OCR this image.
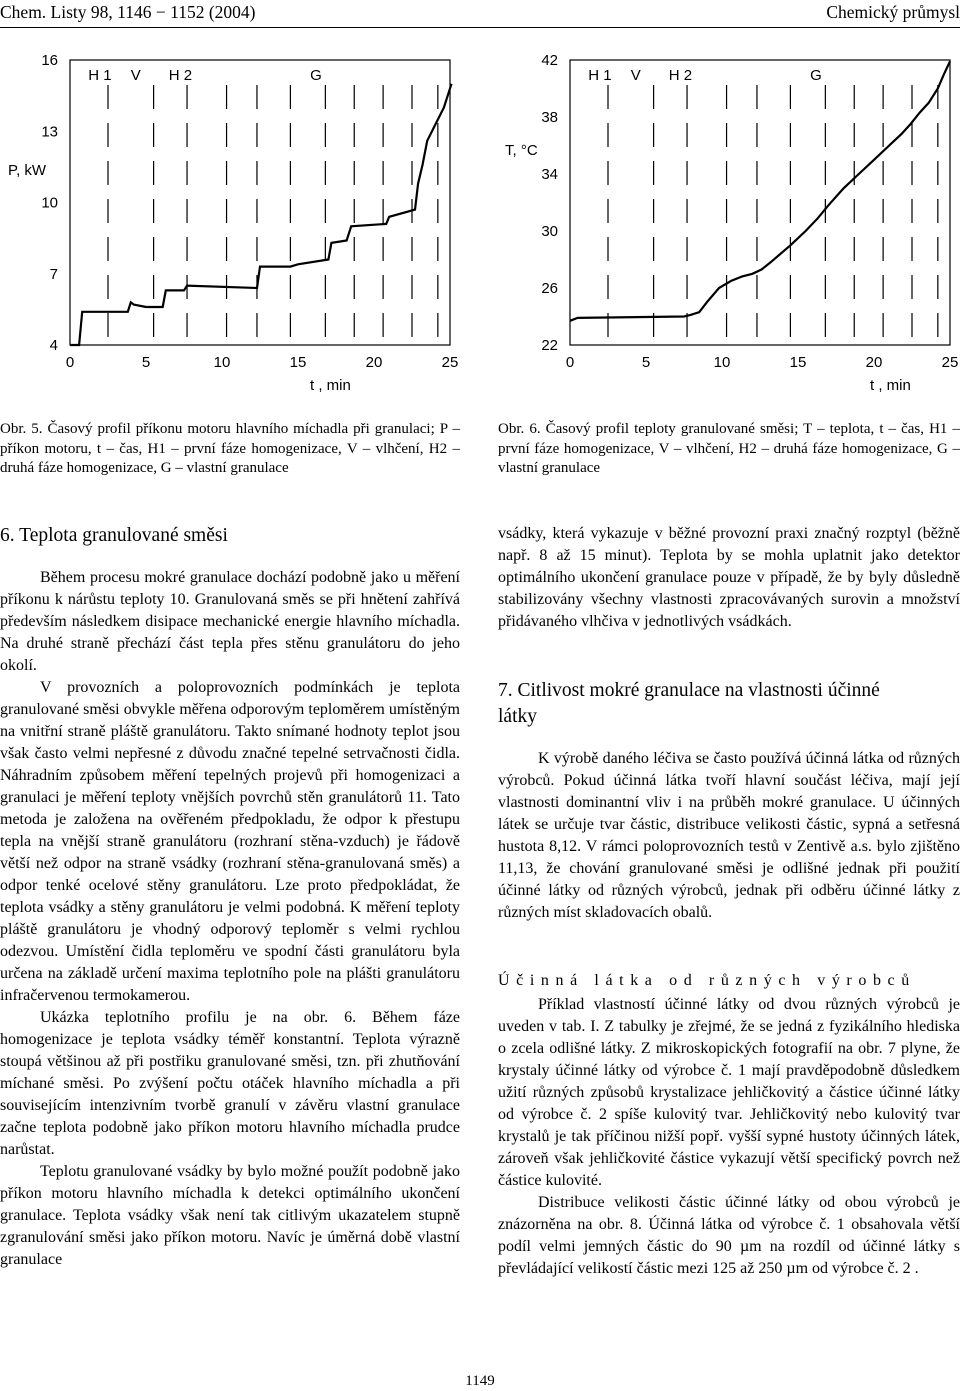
Chem. Listy 98, 1146 − 1152 (2004)	Chemický průmysl
0	5	10	15	20	25
4
7
10
13
16
H 1 V H 2	G
P, kW
t , min
0	5	10	15	20	25
22
26
30
34
38
42
H 1 V H 2	G
T, °C
t , min
Obr. 5. Časový profil příkonu motoru hlavního míchadla při granulaci; P – příkon motoru, t – čas, H1 – první fáze homogenizace, V – vlhčení, H2 – druhá fáze homogenizace, G – vlastní granulace
Obr. 6. Časový profil teploty granulované směsi; T – teplota, t – čas, H1 – první fáze homogenizace, V – vlhčení, H2 – druhá fáze homogenizace, G – vlastní granulace
6. Teplota granulované směsi

Během procesu mokré granulace dochází podobně jako u měření příkonu k nárůstu teploty 10. Granulovaná směs se při hnětení zahřívá především následkem disipace mechanické energie hlavního míchadla. Na druhé straně přechází část tepla přes stěnu granulátoru do jeho okolí.

V provozních a poloprovozních podmínkách je teplota granulované směsi obvykle měřena odporovým teploměrem umístěným na vnitřní straně pláště granulátoru. Takto snímané hodnoty teplot jsou však často velmi nepřesné z důvodu značné tepelné setrvačnosti čidla. Náhradním způsobem měření tepelných projevů při homogenizaci a granulaci je měření teploty vnějších povrchů stěn granulátorů 11. Tato metoda je založena na ověřeném předpokladu, že odpor k přestupu tepla na vnější straně granulátoru (rozhraní stěna-vzduch) je řádově větší než odpor na straně vsádky (rozhraní stěna-granulovaná směs) a odpor tenké ocelové stěny granulátoru. Lze proto předpokládat, že teplota vsádky a stěny granulátoru je velmi podobná. K měření teploty pláště granulátoru je vhodný odporový teploměr s velmi rychlou odezvou. Umístění čidla teploměru ve spodní části granulátoru byla určena na základě určení maxima teplotního pole na plášti granulátoru infračervenou termokamerou.

Ukázka teplotního profilu je na obr. 6. Během fáze homogenizace je teplota vsádky téměř konstantní. Teplota výrazně stoupá většinou až při postřiku granulované směsi, tzn. při zhutňování míchané směsi. Po zvýšení počtu otáček hlavního míchadla a při souvisejícím intenzivním tvorbě granulí v závěru vlastní granulace začne teplota podobně jako příkon motoru hlavního míchadla prudce narůstat.

Teplotu granulované vsádky by bylo možné použít podobně jako příkon motoru hlavního míchadla k detekci optimálního ukončení granulace. Teplota vsádky však není tak citlivým ukazatelem stupně zgranulování směsi jako příkon motoru. Navíc je úměrná době vlastní granulace

vsádky, která vykazuje v běžné provozní praxi značný rozptyl (běžně např. 8 až 15 minut). Teplota by se mohla uplatnit jako detektor optimálního ukončení granulace pouze v případě, že by byly důsledně stabilizovány všechny vlastnosti zpracovávaných surovin a množství přidávaného vlhčiva v jednotlivých vsádkách.

7. Citlivost mokré granulace na vlastnosti účinné látky

K výrobě daného léčiva se často používá účinná látka od různých výrobců. Pokud účinná látka tvoří hlavní součást léčiva, mají její vlastnosti dominantní vliv i na průběh mokré granulace. U účinných látek se určuje tvar částic, distribuce velikosti částic, sypná a setřesná hustota 8,12. V rámci poloprovozních testů v Zentivě a.s. bylo zjištěno 11,13, že chování granulované směsi je odlišné jednak při použití účinné látky od různých výrobců, jednak při odběru účinné látky z různých míst skladovacích obalů.

Účinná látka od různých výrobců

Příklad vlastností účinné látky od dvou různých výrobců je uveden v tab. I. Z tabulky je zřejmé, že se jedná z fyzikálního hlediska o zcela odlišné látky. Z mikroskopických fotografií na obr. 7 plyne, že krystaly účinné látky od výrobce č. 1 mají pravděpodobně důsledkem užití různých způsobů krystalizace jehličkovitý a částice účinné látky od výrobce č. 2 spíše kulovitý tvar. Jehličkovitý nebo kulovitý tvar krystalů je tak příčinou nižší popř. vyšší sypné hustoty účinných látek, zároveň však jehličkovité částice vykazují větší specifický povrch než částice kulovité.

Distribuce velikosti částic účinné látky od obou výrobců je znázorněna na obr. 8. Účinná látka od výrobce č. 1 obsahovala větší podíl velmi jemných částic do 90 µm na rozdíl od účinné látky s převládající velikostí částic mezi 125 až 250 µm od výrobce č. 2 .

1149
